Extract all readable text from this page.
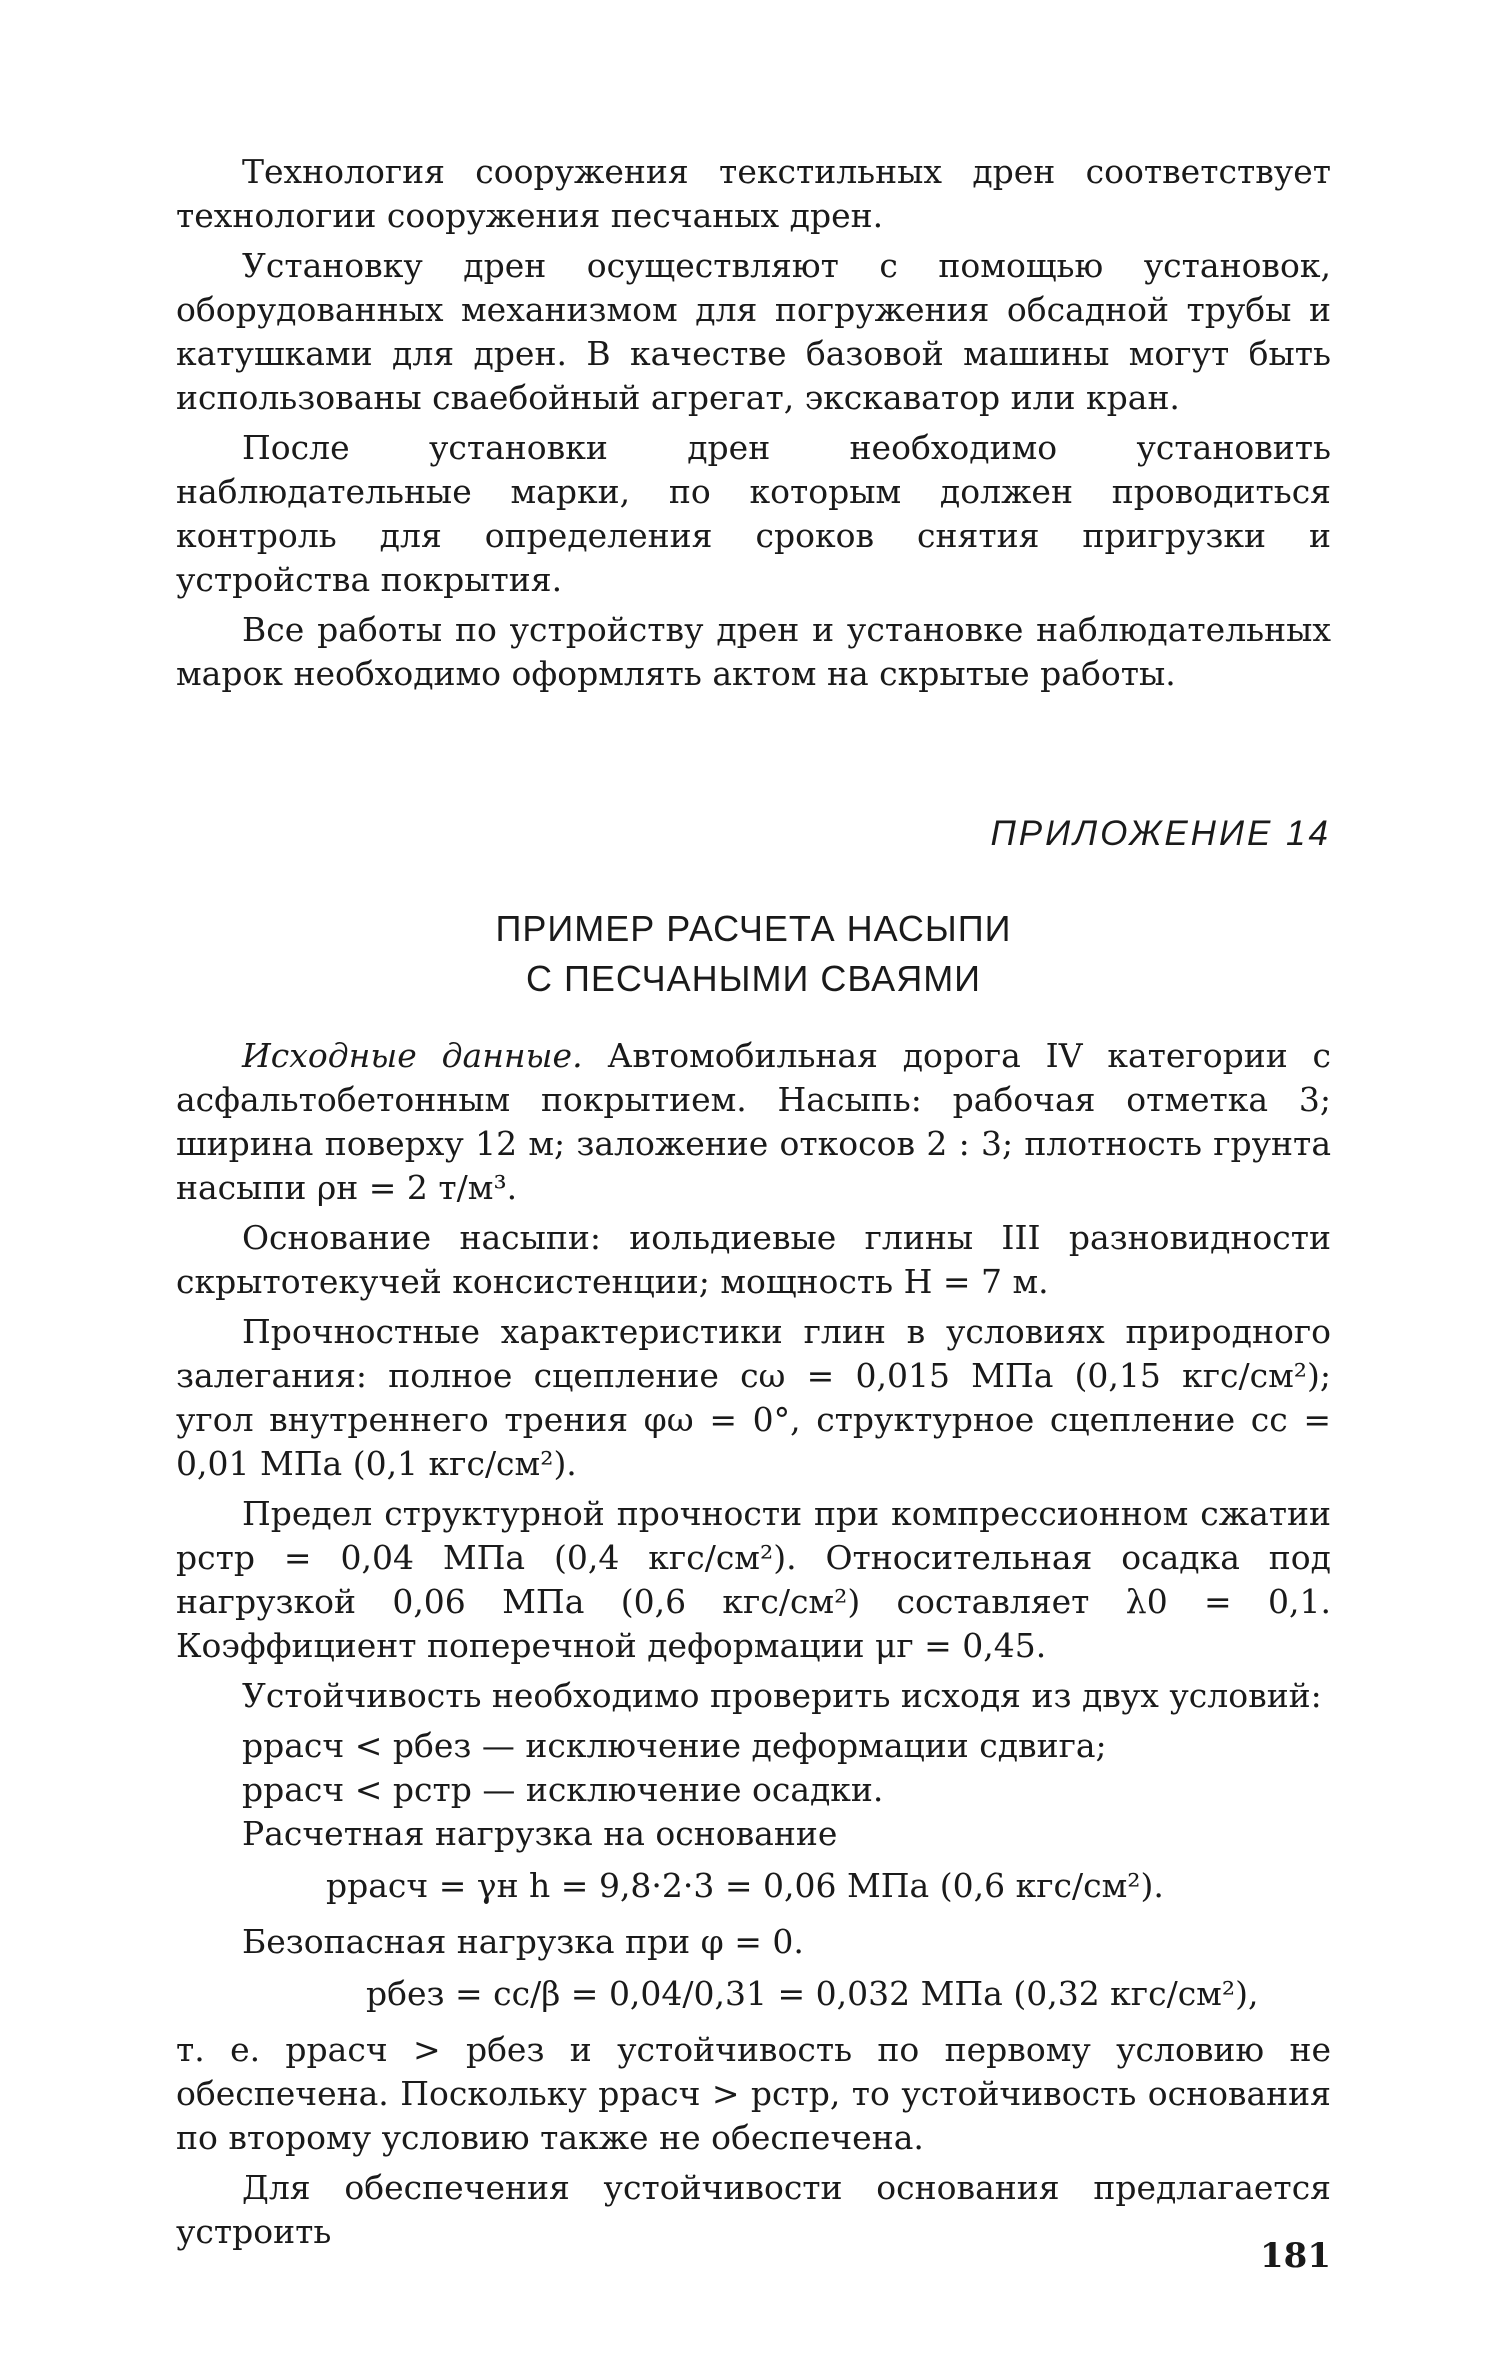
Технология сооружения текстильных дрен соответствует технологии сооружения песчаных дрен.

Установку дрен осуществляют с помощью установок, оборудованных механизмом для погружения обсадной трубы и катушками для дрен. В качестве базовой машины могут быть использованы сваебойный агрегат, экскаватор или кран.

После установки дрен необходимо установить наблюдательные марки, по которым должен проводиться контроль для определения сроков снятия пригрузки и устройства покрытия.

Все работы по устройству дрен и установке наблюдательных марок необходимо оформлять актом на скрытые работы.

ПРИЛОЖЕНИЕ 14
ПРИМЕР РАСЧЕТА НАСЫПИ
С ПЕСЧАНЫМИ СВАЯМИ

Исходные данные. Автомобильная дорога IV категории с асфальтобетонным покрытием. Насыпь: рабочая отметка 3; ширина поверху 12 м; заложение откосов 2 : 3; плотность грунта насыпи ρн = 2 т/м³.

Основание насыпи: иольдиевые глины III разновидности скрытотекучей консистенции; мощность H = 7 м.

Прочностные характеристики глин в условиях природного залегания: полное сцепление cω = 0,015 МПа (0,15 кгс/см²); угол внутреннего трения φω = 0°, структурное сцепление cс = 0,01 МПа (0,1 кгс/см²).

Предел структурной прочности при компрессионном сжатии pстр = 0,04 МПа (0,4 кгс/см²). Относительная осадка под нагрузкой 0,06 МПа (0,6 кгс/см²) составляет λ0 = 0,1. Коэффициент поперечной деформации μг = 0,45.

Устойчивость необходимо проверить исходя из двух условий:

pрасч < pбез — исключение деформации сдвига;

pрасч < pстр — исключение осадки.

Расчетная нагрузка на основание

pрасч = γн h = 9,8·2·3 = 0,06 МПа (0,6 кгс/см²).

Безопасная нагрузка при φ = 0.

pбез = cс/β = 0,04/0,31 = 0,032 МПа (0,32 кгс/см²),

т. е. pрасч > pбез и устойчивость по первому условию не обеспечена. Поскольку pрасч > pстр, то устойчивость основания по второму условию также не обеспечена.

Для обеспечения устойчивости основания предлагается устроить

181
